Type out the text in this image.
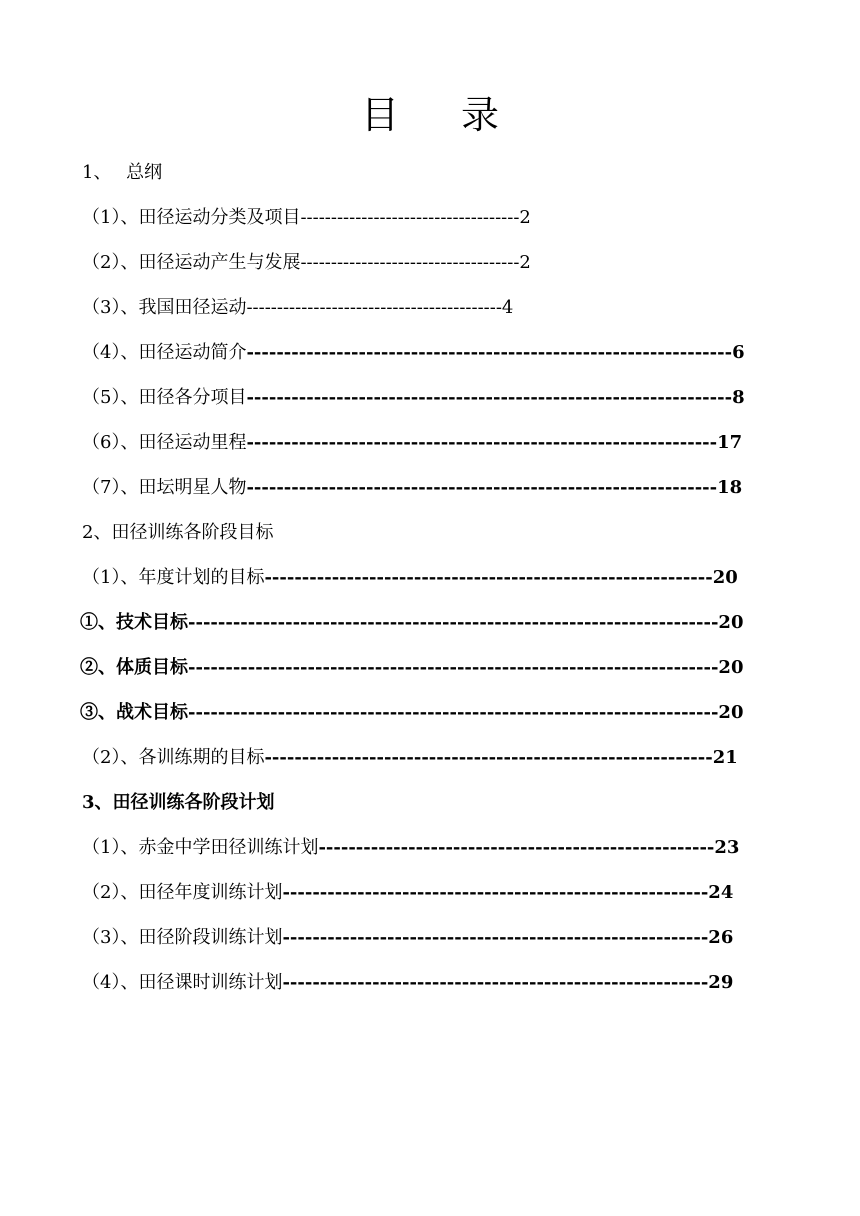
目 录
1、　 总纲
（1）、田径运动分类及项目------------------------------------2
（2）、田径运动产生与发展------------------------------------2
（3）、我国田径运动------------------------------------------4
（4）、田径运动简介-----------------------------------------------------------------6
（5）、田径各分项目-----------------------------------------------------------------8
（6）、田径运动里程---------------------------------------------------------------17
（7）、田坛明星人物---------------------------------------------------------------18
2、田径训练各阶段目标
（1）、年度计划的目标------------------------------------------------------------20
①、技术目标-----------------------------------------------------------------------20
②、体质目标-----------------------------------------------------------------------20
③、战术目标-----------------------------------------------------------------------20
（2）、各训练期的目标------------------------------------------------------------21
3、田径训练各阶段计划
（1）、赤金中学田径训练计划-----------------------------------------------------23
（2）、田径年度训练计划---------------------------------------------------------24
（3）、田径阶段训练计划---------------------------------------------------------26
（4）、田径课时训练计划---------------------------------------------------------29
